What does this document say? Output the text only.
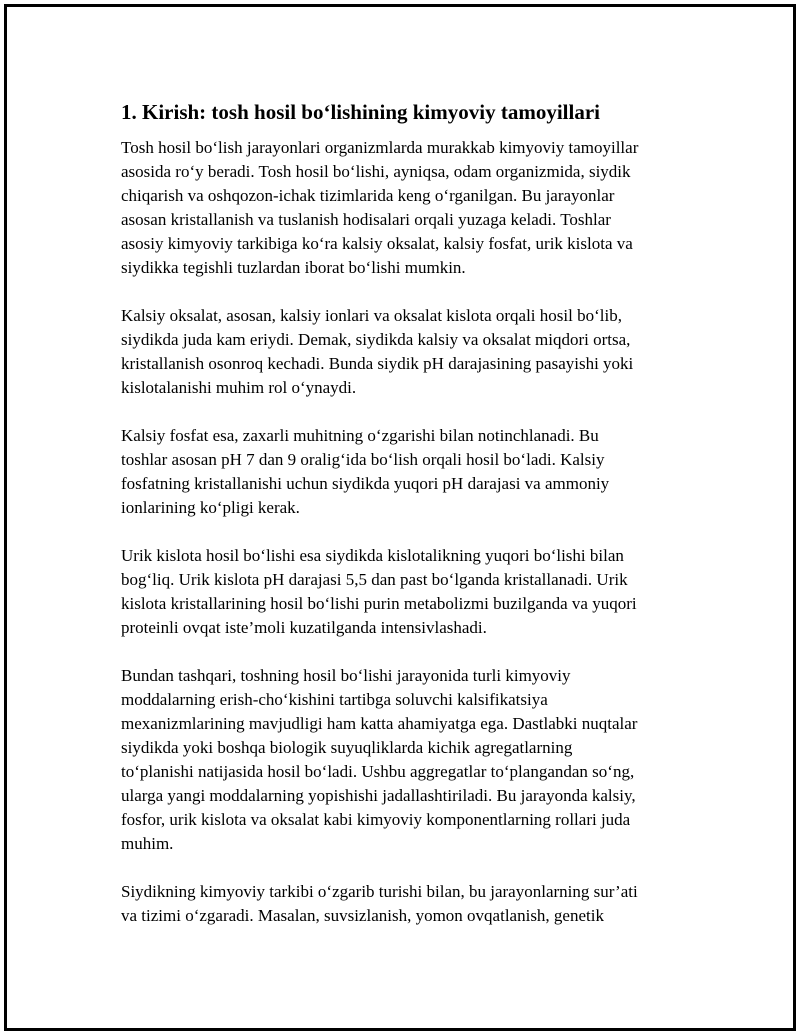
1. Kirish: tosh hosil bo‘lishining kimyoviy tamoyillari

Tosh hosil bo‘lish jarayonlari organizmlarda murakkab kimyoviy tamoyillar
asosida ro‘y beradi. Tosh hosil bo‘lishi, ayniqsa, odam organizmida, siydik
chiqarish va oshqozon-ichak tizimlarida keng o‘rganilgan. Bu jarayonlar
asosan kristallanish va tuslanish hodisalari orqali yuzaga keladi. Toshlar
asosiy kimyoviy tarkibiga ko‘ra kalsiy oksalat, kalsiy fosfat, urik kislota va
siydikka tegishli tuzlardan iborat bo‘lishi mumkin.

Kalsiy oksalat, asosan, kalsiy ionlari va oksalat kislota orqali hosil bo‘lib,
siydikda juda kam eriydi. Demak, siydikda kalsiy va oksalat miqdori ortsa,
kristallanish osonroq kechadi. Bunda siydik pH darajasining pasayishi yoki
kislotalanishi muhim rol o‘ynaydi.

Kalsiy fosfat esa, zaxarli muhitning o‘zgarishi bilan notinchlanadi. Bu
toshlar asosan pH 7 dan 9 oralig‘ida bo‘lish orqali hosil bo‘ladi. Kalsiy
fosfatning kristallanishi uchun siydikda yuqori pH darajasi va ammoniy
ionlarining ko‘pligi kerak.

Urik kislota hosil bo‘lishi esa siydikda kislotalikning yuqori bo‘lishi bilan
bog‘liq. Urik kislota pH darajasi 5,5 dan past bo‘lganda kristallanadi. Urik
kislota kristallarining hosil bo‘lishi purin metabolizmi buzilganda va yuqori
proteinli ovqat iste’moli kuzatilganda intensivlashadi.

Bundan tashqari, toshning hosil bo‘lishi jarayonida turli kimyoviy
moddalarning erish-cho‘kishini tartibga soluvchi kalsifikatsiya
mexanizmlarining mavjudligi ham katta ahamiyatga ega. Dastlabki nuqtalar
siydikda yoki boshqa biologik suyuqliklarda kichik agregatlarning
to‘planishi natijasida hosil bo‘ladi. Ushbu aggregatlar to‘plangandan so‘ng,
ularga yangi moddalarning yopishishi jadallashtiriladi. Bu jarayonda kalsiy,
fosfor, urik kislota va oksalat kabi kimyoviy komponentlarning rollari juda
muhim.

Siydikning kimyoviy tarkibi o‘zgarib turishi bilan, bu jarayonlarning sur’ati
va tizimi o‘zgaradi. Masalan, suvsizlanish, yomon ovqatlanish, genetik
